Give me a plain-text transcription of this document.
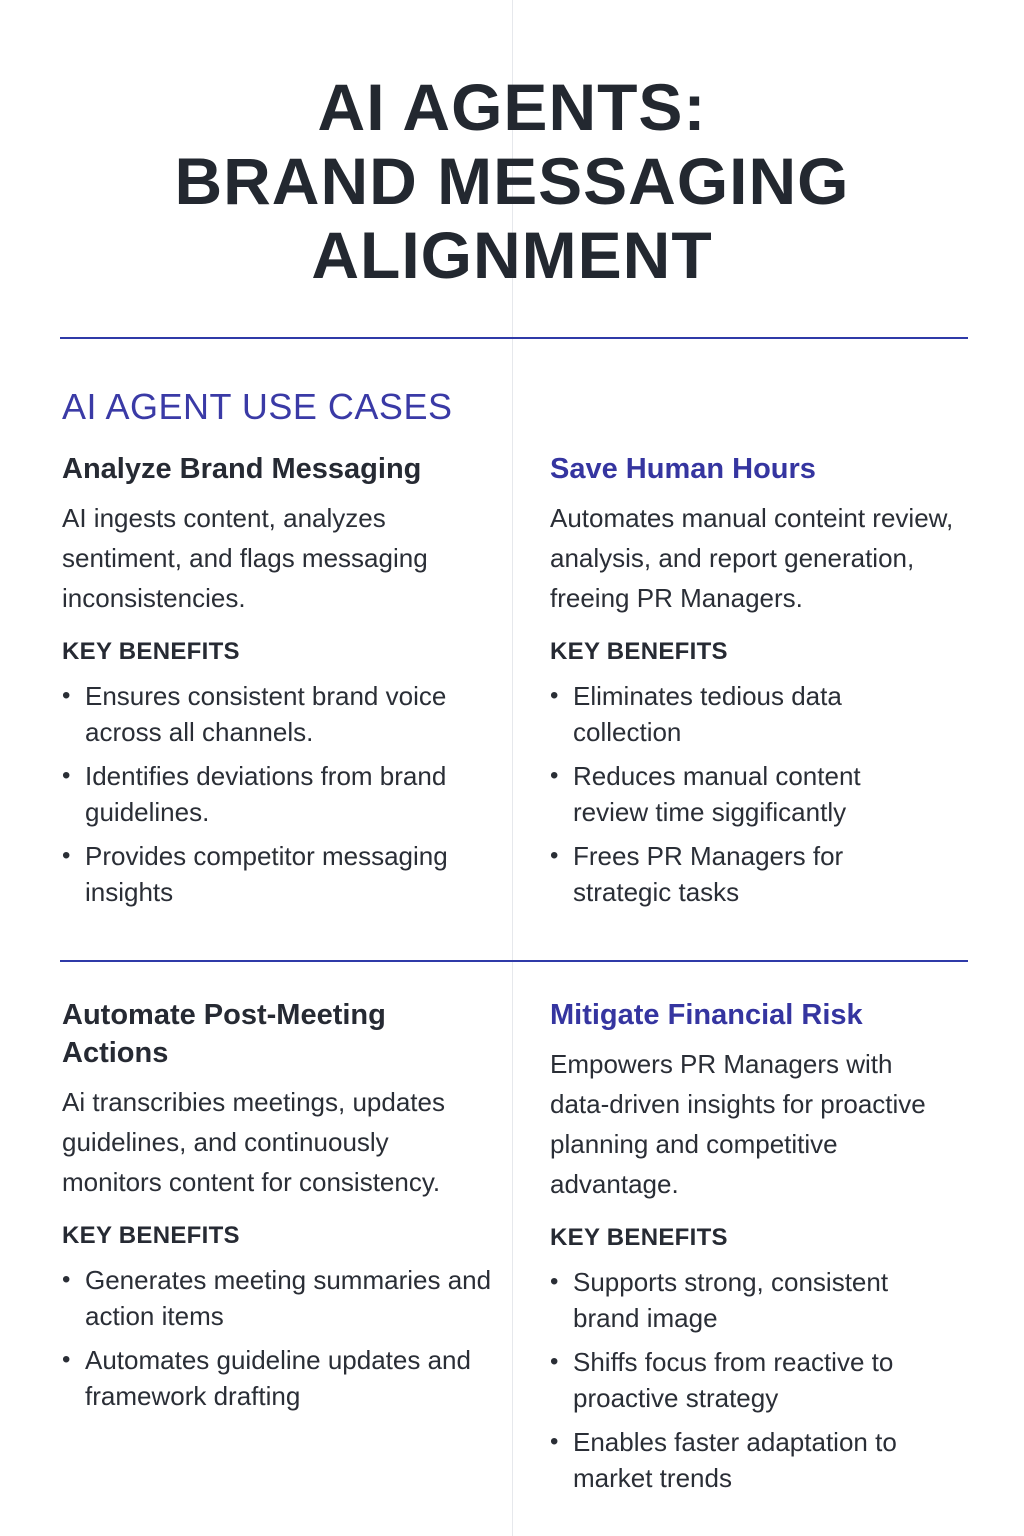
AI AGENTS:
BRAND MESSAGING
ALIGNMENT
AI AGENT USE CASES
Analyze Brand Messaging

AI ingests content, analyzes sentiment, and flags messaging inconsistencies.

KEY BENEFITS
• Ensures consistent brand voice across all channels.
• Identifies deviations from brand guidelines.
• Provides competitor messaging insights
Save Human Hours

Automates manual conteint review, analysis, and report generation, freeing PR Managers.

KEY BENEFITS
• Eliminates tedious data collection
• Reduces manual content review time siggificantly
• Frees PR Managers for strategic tasks
Automate Post-Meeting Actions

Ai transcribies meetings, updates guidelines, and continuously monitors content for consistency.

KEY BENEFITS
• Generates meeting summaries and action items
• Automates guideline updates and framework drafting
Mitigate Financial Risk

Empowers PR Managers with data-driven insights for proactive planning and competitive advantage.

KEY BENEFITS
• Supports strong, consistent brand image
• Shiffs focus from reactive to proactive strategy
• Enables faster adaptation to market trends
